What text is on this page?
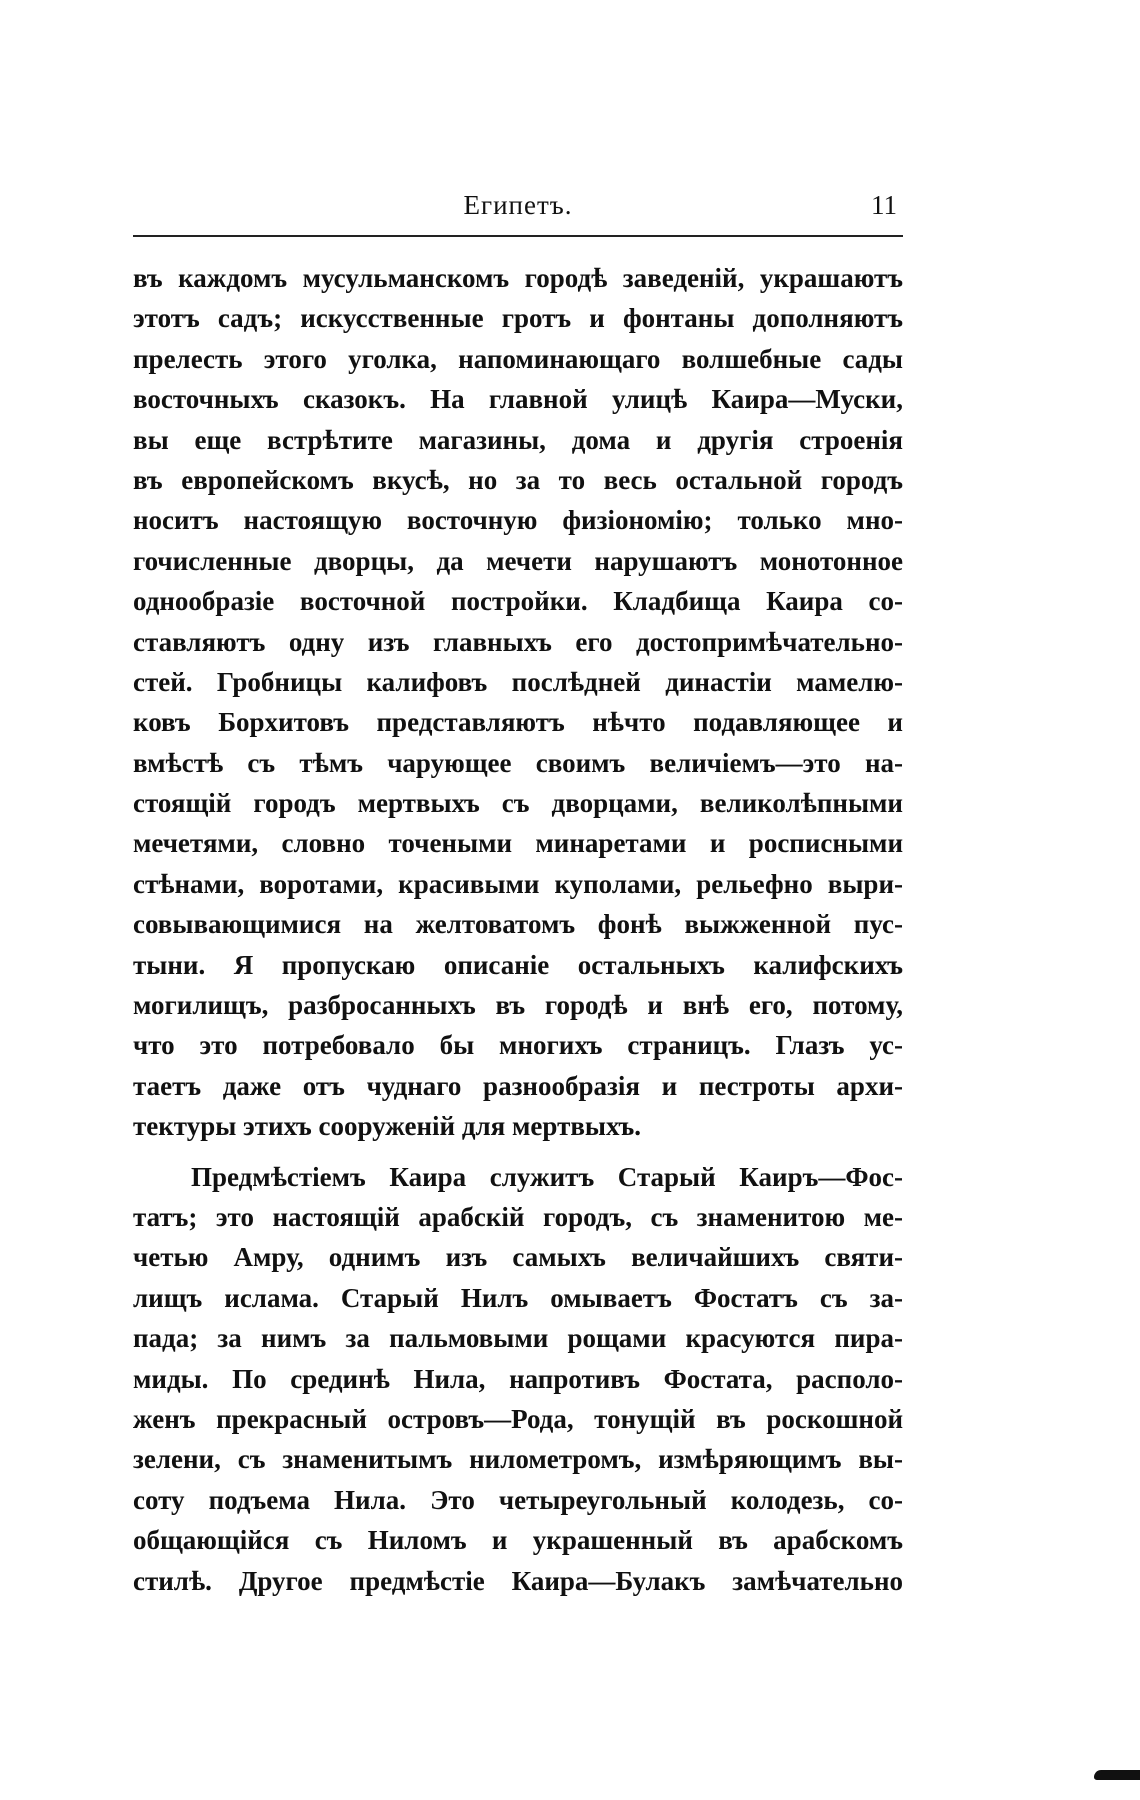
Египетъ.	11
въ каждомъ мусульманскомъ городѣ заведеній, украшаютъ
этотъ садъ; искусственные гротъ и фонтаны дополняютъ
прелесть этого уголка, напоминающаго волшебные сады
восточныхъ сказокъ. На главной улицѣ Каира—Муски,
вы еще встрѣтите магазины, дома и другія строенія
въ европейскомъ вкусѣ, но за то весь остальной городъ
носитъ настоящую восточную физіономію; только мно-
гочисленные дворцы, да мечети нарушаютъ монотонное
однообразіе восточной постройки. Кладбища Каира со-
ставляютъ одну изъ главныхъ его достопримѣчательно-
стей. Гробницы калифовъ послѣдней династіи мамелю-
ковъ Борхитовъ представляютъ нѣчто подавляющее и
вмѣстѣ съ тѣмъ чарующее своимъ величіемъ—это на-
стоящій городъ мертвыхъ съ дворцами, великолѣпными
мечетями, словно точеными минаретами и росписными
стѣнами, воротами, красивыми куполами, рельефно выри-
совывающимися на желтоватомъ фонѣ выжженной пус-
тыни. Я пропускаю описаніе остальныхъ калифскихъ
могилищъ, разбросанныхъ въ городѣ и внѣ его, потому,
что это потребовало бы многихъ страницъ. Глазъ ус-
таетъ даже отъ чуднаго разнообразія и пестроты архи-
тектуры этихъ сооруженій для мертвыхъ.
Предмѣстіемъ Каира служитъ Старый Каиръ—Фос-
татъ; это настоящій арабскій городъ, съ знаменитою ме-
четью Амру, однимъ изъ самыхъ величайшихъ святи-
лищъ ислама. Старый Нилъ омываетъ Фостатъ съ за-
пада; за нимъ за пальмовыми рощами красуются пира-
миды. По срединѣ Нила, напротивъ Фостата, располо-
женъ прекрасный островъ—Рода, тонущій въ роскошной
зелени, съ знаменитымъ нилометромъ, измѣряющимъ вы-
соту подъема Нила. Это четыреугольный колодезь, со-
общающійся съ Ниломъ и украшенный въ арабскомъ
стилѣ. Другое предмѣстіе Каира—Булакъ замѣчательно
